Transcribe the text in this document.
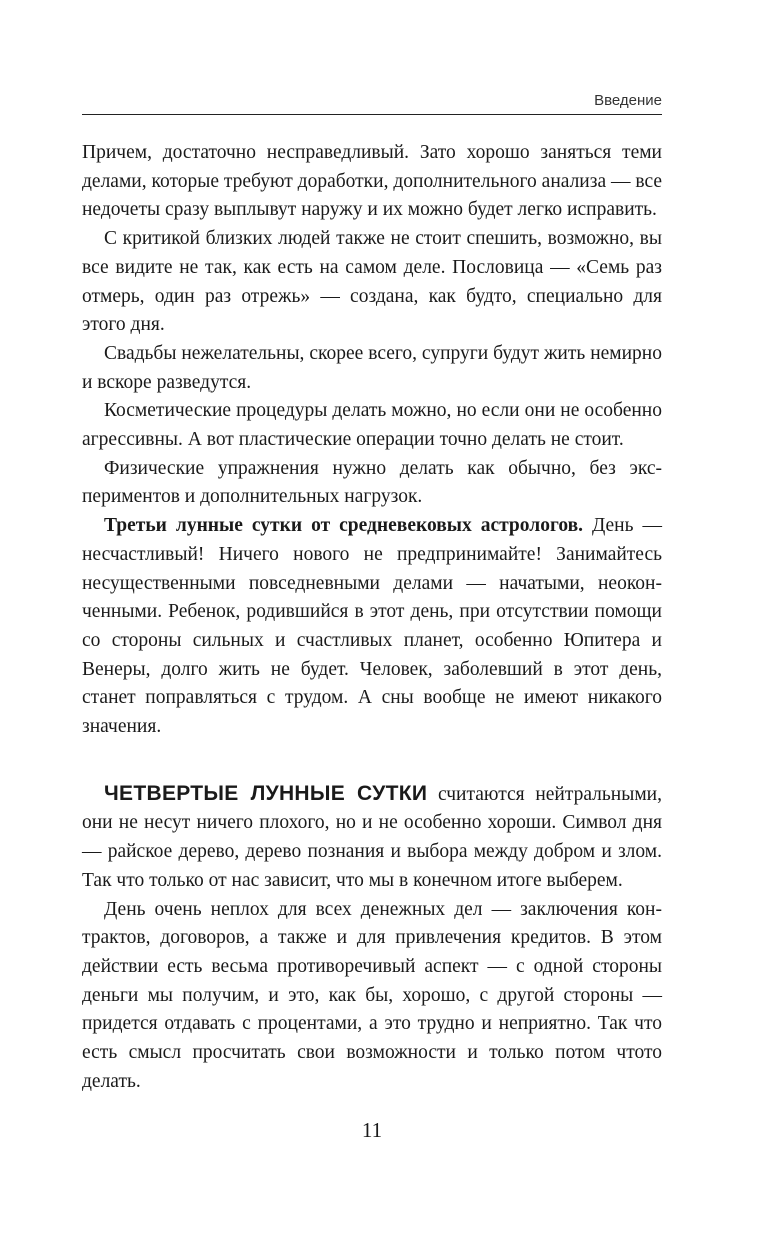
Введение

Причем, достаточно несправедливый. Зато хорошо заняться теми делами, которые требуют доработки, дополнительного анализа — все недочеты сразу выплывут наружу и их можно будет легко исправить.

С критикой близких людей также не стоит спешить, возможно, вы все видите не так, как есть на самом деле. Пословица — «Семь раз отмерь, один раз отрежь» — создана, как будто, специально для этого дня.

Свадьбы нежелательны, скорее всего, супруги будут жить немирно и вскоре разведутся.

Косметические процедуры делать можно, но если они не особенно агрессивны. А вот пластические операции точно делать не стоит.

Физические упражнения нужно делать как обычно, без экспериментов и дополнительных нагрузок.

Третьи лунные сутки от средневековых астрологов. День — несчастливый! Ничего нового не предпринимайте! Занимайтесь несущественными повседневными делами — начатыми, неоконченными. Ребенок, родившийся в этот день, при отсутствии помощи со стороны сильных и счастливых планет, особенно Юпитера и Венеры, долго жить не будет. Человек, заболевший в этот день, станет поправляться с трудом. А сны вообще не имеют никакого значения.

ЧЕТВЕРТЫЕ ЛУННЫЕ СУТКИ считаются нейтральными, они не несут ничего плохого, но и не особенно хороши. Символ дня — райское дерево, дерево познания и выбора между добром и злом. Так что только от нас зависит, что мы в конечном итоге выберем.

День очень неплох для всех денежных дел — заключения контрактов, договоров, а также и для привлечения кредитов. В этом действии есть весьма противоречивый аспект — с одной стороны деньги мы получим, и это, как бы, хорошо, с другой стороны — придется отдавать с процентами, а это трудно и неприятно. Так что есть смысл просчитать свои возможности и только потом чтото делать.

11
